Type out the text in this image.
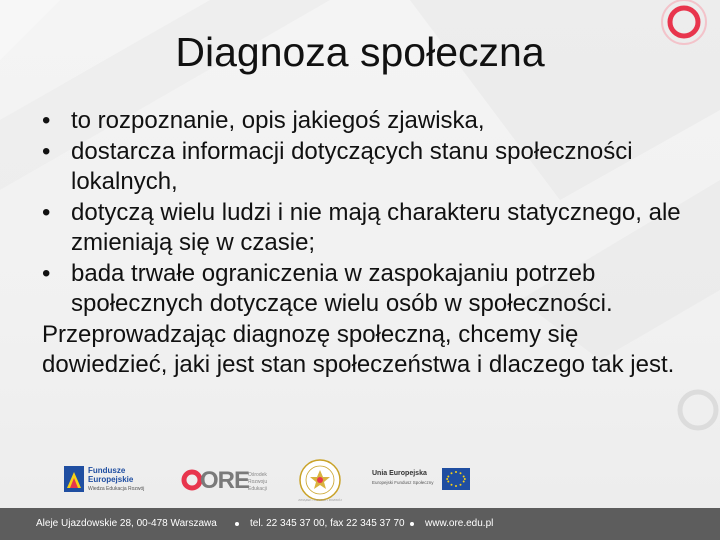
Diagnoza społeczna
• to rozpoznanie, opis jakiegoś zjawiska,
• dostarcza informacji dotyczących stanu społeczności lokalnych,
• dotyczą wielu ludzi i nie mają charakteru statycznego, ale zmieniają się w czasie;
• bada trwałe ograniczenia w zaspokajaniu potrzeb społecznych dotyczące wielu osób w społeczności.

Przeprowadzając diagnozę społeczną, chcemy się dowiedzieć, jaki jest stan społeczeństwa i dlaczego tak jest.

Fundusze
Europejskie
Wiedza Edukacja Rozwój ORE
Ośrodek
Rozwoju
Edukacji
ZWIĄZEK • POLSKA • ROZWÓJ
Unia Europejska
Europejski Fundusz Społeczny
Aleje Ujazdowskie 28, 00-478 Warszawa	tel. 22 345 37 00, fax 22 345 37 70 www.ore.edu.pl
